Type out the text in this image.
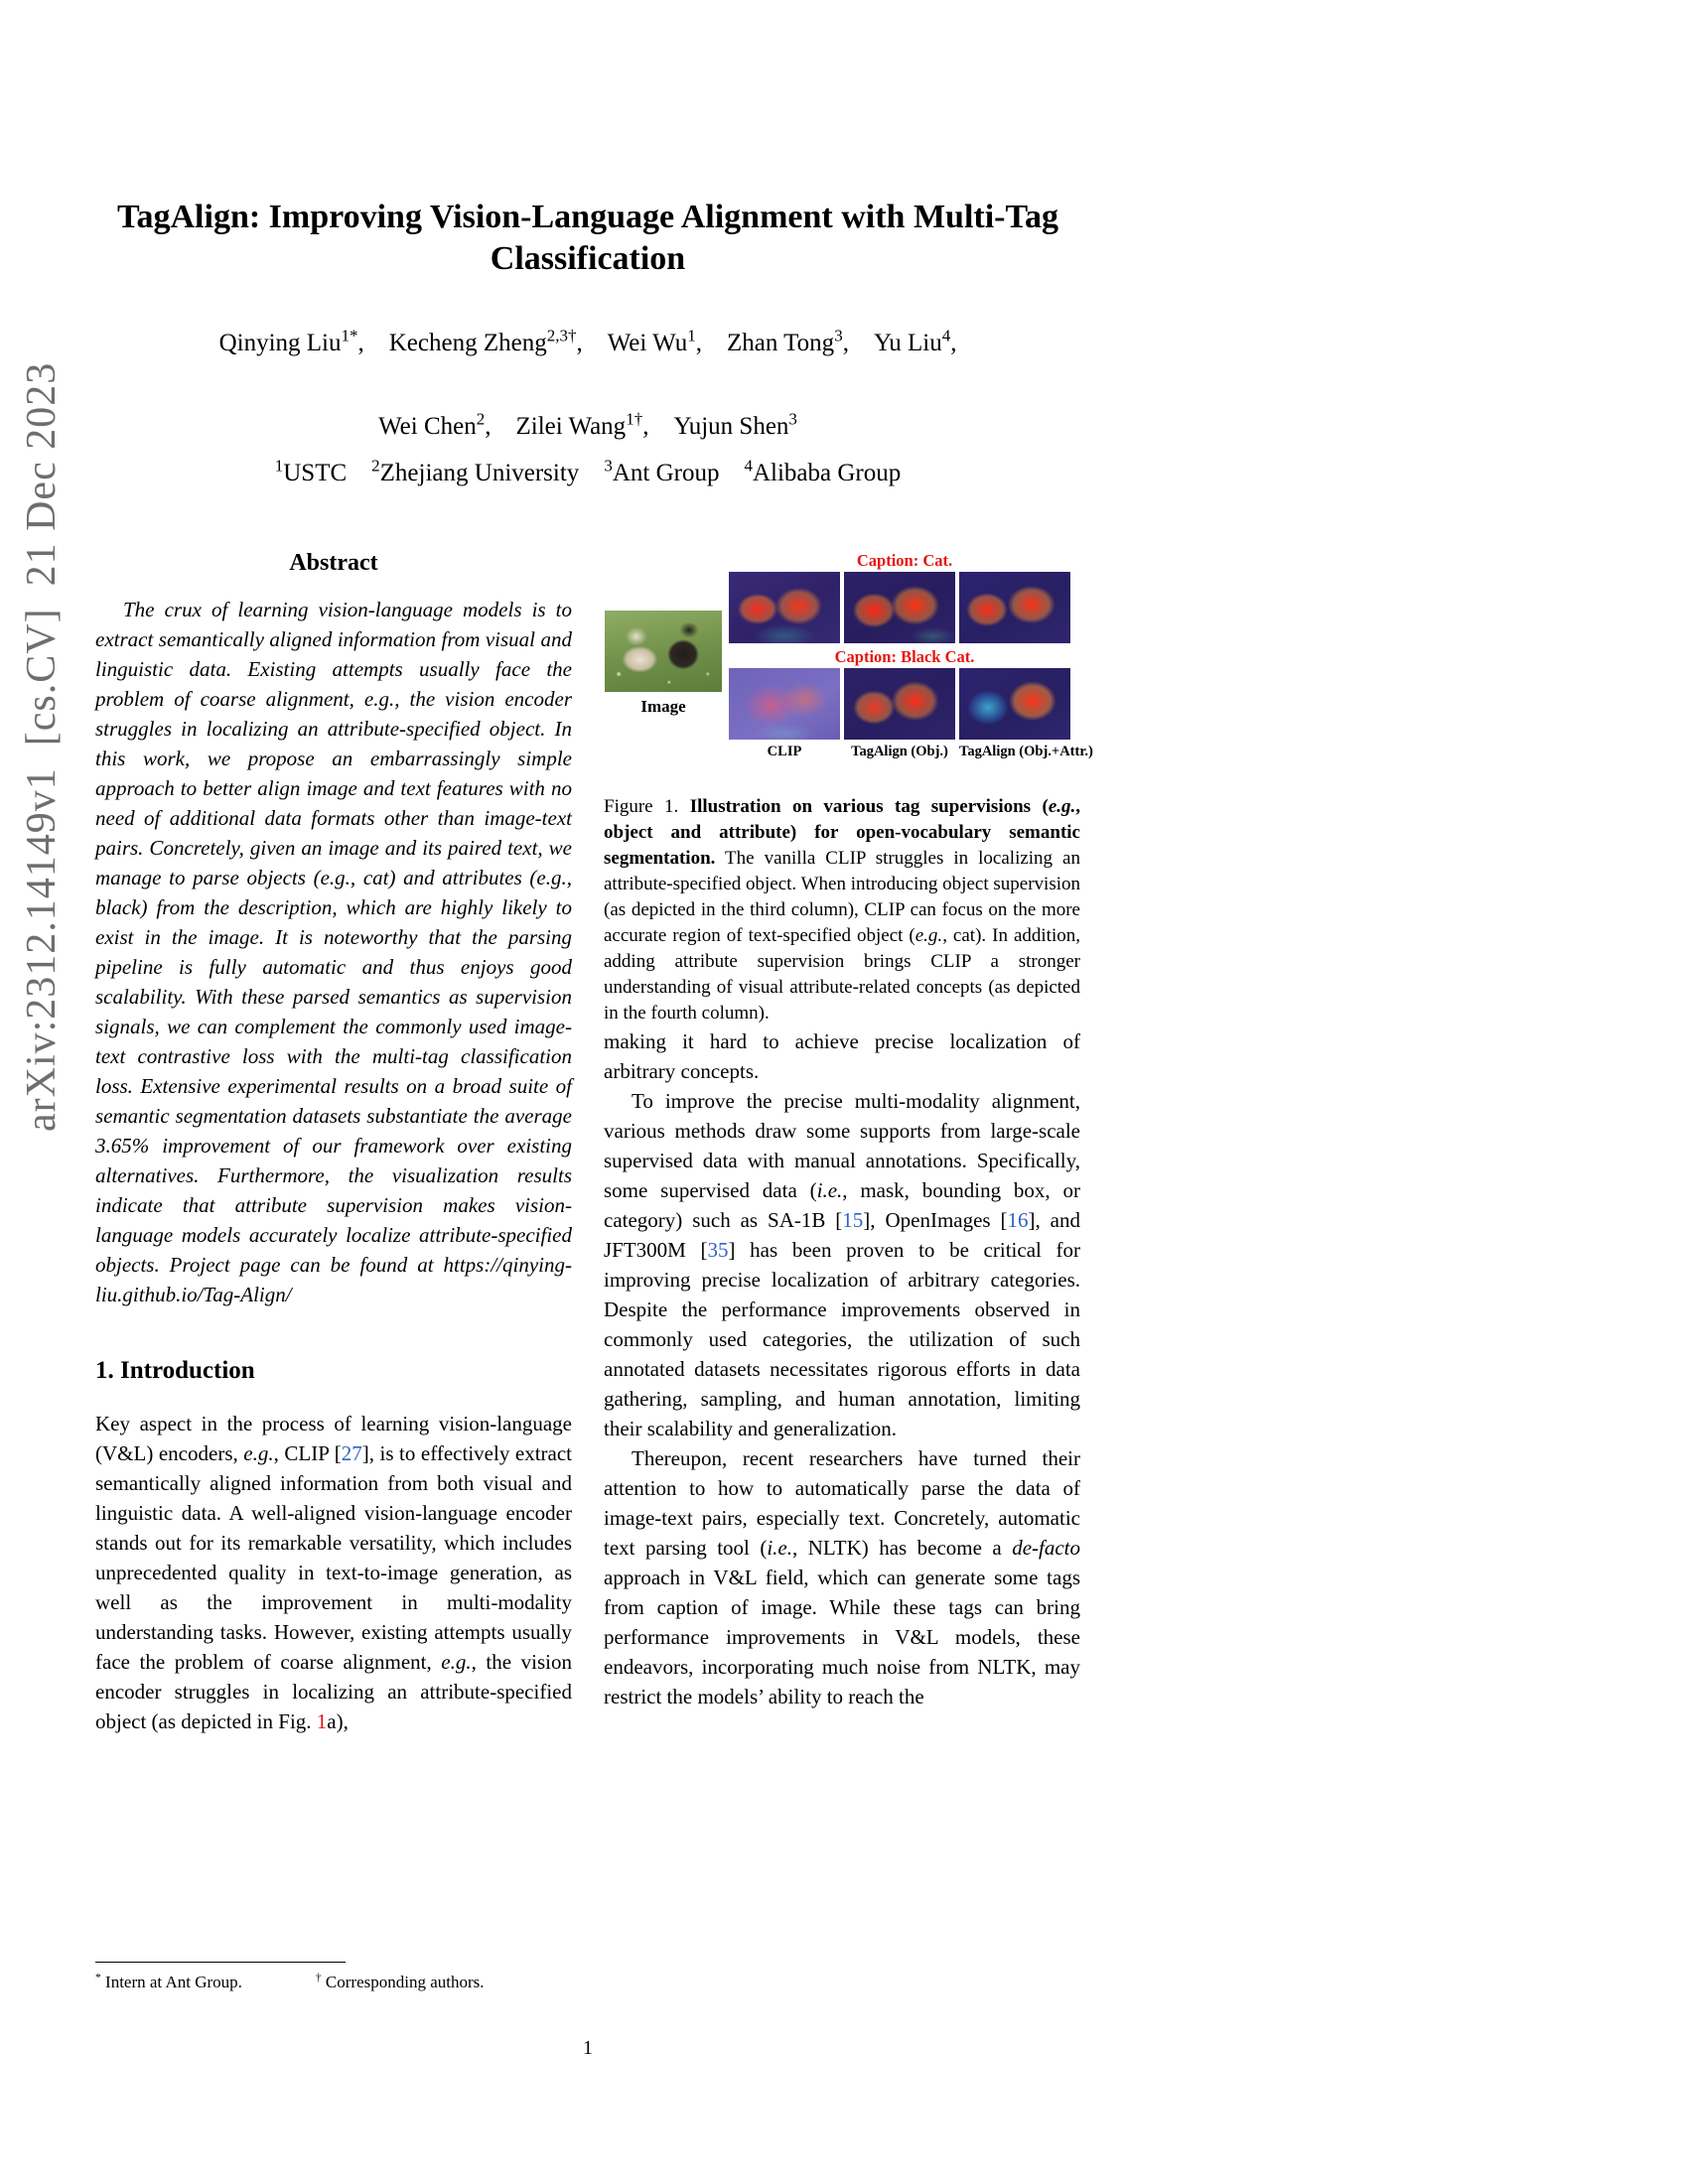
arXiv:2312.14149v1 [cs.CV] 21 Dec 2023
TagAlign: Improving Vision-Language Alignment with Multi-Tag Classification
Qinying Liu$^{1*}$, Kecheng Zheng$^{2,3\dagger}$, Wei Wu$^1$, Zhan Tong$^3$, Yu Liu$^4$,
Wei Chen$^2$, Zilei Wang$^{1\dagger}$, Yujun Shen$^3$
$^1$USTC $^2$Zhejiang University $^3$Ant Group $^4$Alibaba Group
Abstract

The crux of learning vision-language models is to extract semantically aligned information from visual and linguistic data. Existing attempts usually face the problem of coarse alignment, e.g., the vision encoder struggles in localizing an attribute-specified object. In this work, we propose an embarrassingly simple approach to better align image and text features with no need of additional data formats other than image-text pairs. Concretely, given an image and its paired text, we manage to parse objects (e.g., cat) and attributes (e.g., black) from the description, which are highly likely to exist in the image. It is noteworthy that the parsing pipeline is fully automatic and thus enjoys good scalability. With these parsed semantics as supervision signals, we can complement the commonly used image-text contrastive loss with the multi-tag classification loss. Extensive experimental results on a broad suite of semantic segmentation datasets substantiate the average 3.65% improvement of our framework over existing alternatives. Furthermore, the visualization results indicate that attribute supervision makes vision-language models accurately localize attribute-specified objects. Project page can be found at https://qinying-liu.github.io/Tag-Align/

1. Introduction

Key aspect in the process of learning vision-language (V&L) encoders, e.g., CLIP [27], is to effectively extract semantically aligned information from both visual and linguistic data. A well-aligned vision-language encoder stands out for its remarkable versatility, which includes unprecedented quality in text-to-image generation, as well as the improvement in multi-modality understanding tasks. However, existing attempts usually face the problem of coarse alignment, e.g., the vision encoder struggles in localizing an attribute-specified object (as depicted in Fig. 1a),

* Intern at Ant Group.	† Corresponding authors.
Image
Caption: Cat.
Caption: Black Cat.
CLIP	TagAlign (Obj.) TagAlign (Obj.+Attr.)

Figure 1. Illustration on various tag supervisions (e.g., object and attribute) for open-vocabulary semantic segmentation. The vanilla CLIP struggles in localizing an attribute-specified object. When introducing object supervision (as depicted in the third column), CLIP can focus on the more accurate region of text-specified object (e.g., cat). In addition, adding attribute supervision brings CLIP a stronger understanding of visual attribute-related concepts (as depicted in the fourth column).

making it hard to achieve precise localization of arbitrary concepts.

To improve the precise multi-modality alignment, various methods draw some supports from large-scale supervised data with manual annotations. Specifically, some supervised data (i.e., mask, bounding box, or category) such as SA-1B [15], OpenImages [16], and JFT300M [35] has been proven to be critical for improving precise localization of arbitrary categories. Despite the performance improvements observed in commonly used categories, the utilization of such annotated datasets necessitates rigorous efforts in data gathering, sampling, and human annotation, limiting their scalability and generalization.

Thereupon, recent researchers have turned their attention to how to automatically parse the data of image-text pairs, especially text. Concretely, automatic text parsing tool (i.e., NLTK) has become a de-facto approach in V&L field, which can generate some tags from caption of image. While these tags can bring performance improvements in V&L models, these endeavors, incorporating much noise from NLTK, may restrict the models’ ability to reach the

1
